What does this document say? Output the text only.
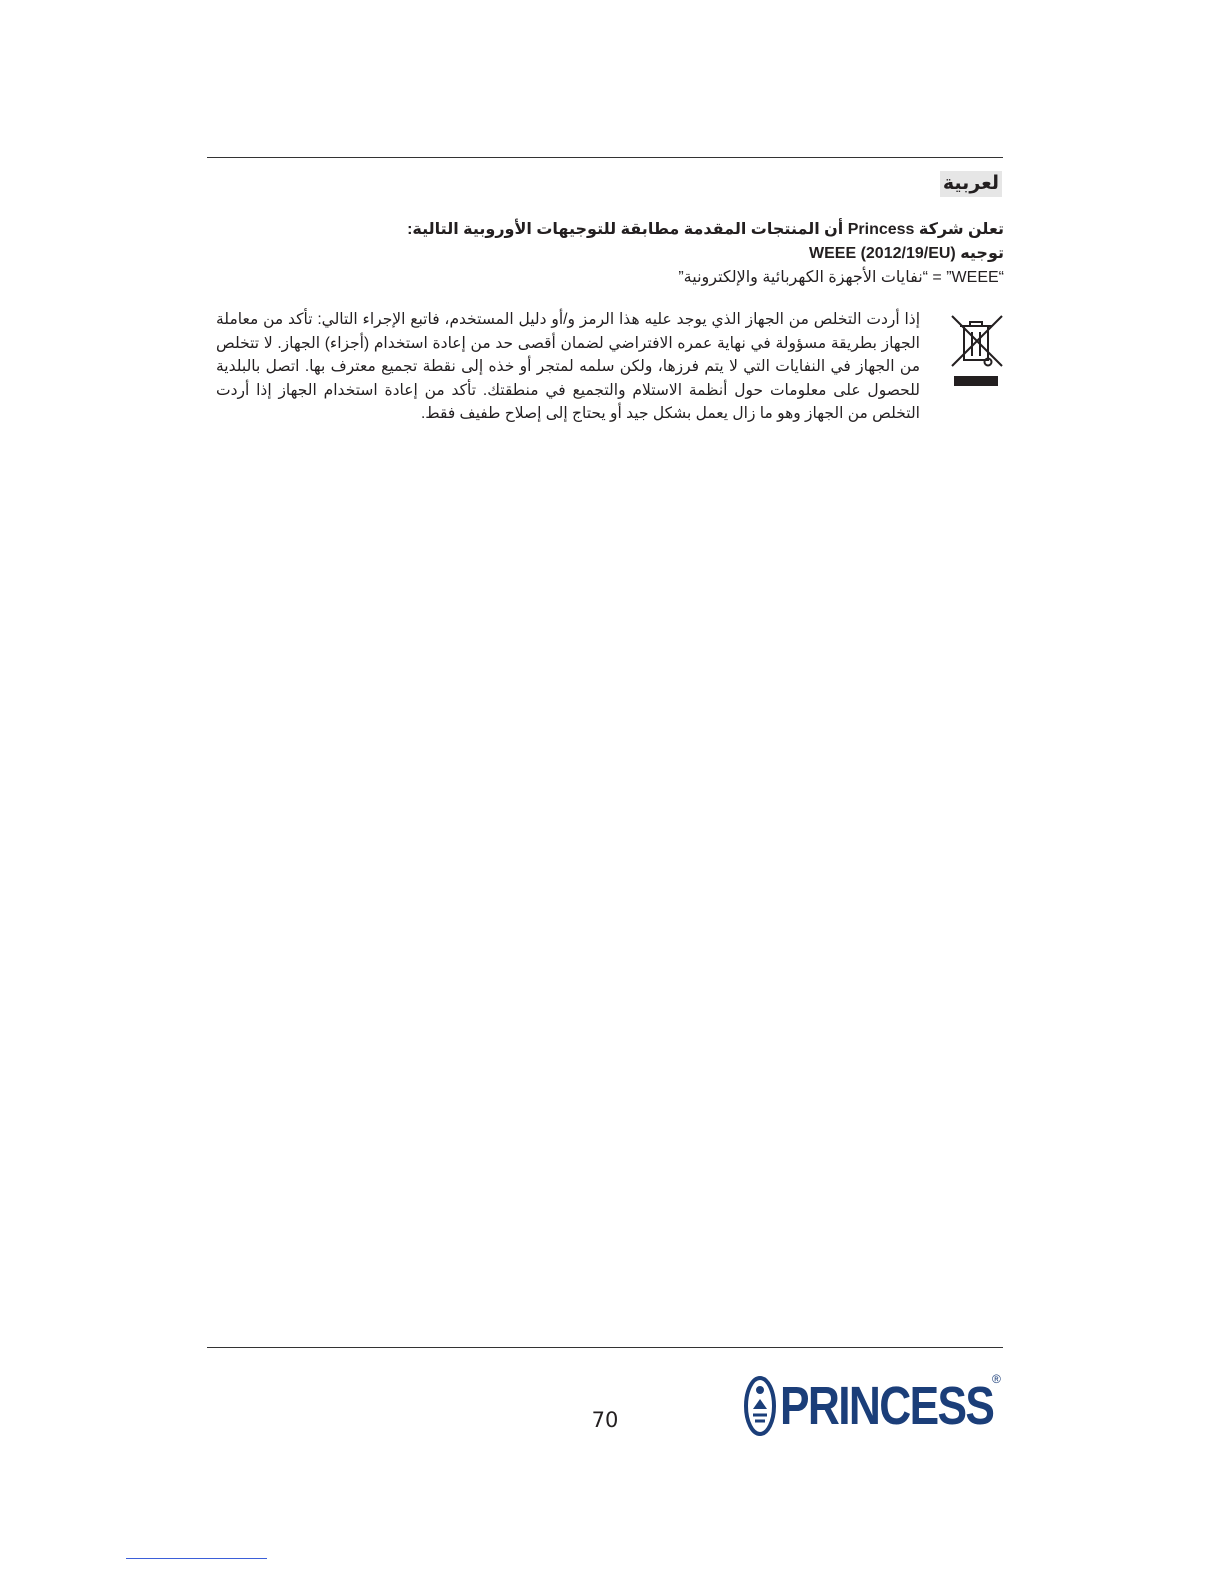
لعربية
تعلن شركة Princess أن المنتجات المقدمة مطابقة للتوجيهات الأوروبية التالية:
توجيه WEEE (2012/19/EU)
“WEEE” = “نفايات الأجهزة الكهربائية والإلكترونية”
إذا أردت التخلص من الجهاز الذي يوجد عليه هذا الرمز و/أو دليل المستخدم، فاتبع الإجراء التالي: تأكد من معاملة الجهاز بطريقة مسؤولة في نهاية عمره الافتراضي لضمان أقصى حد من إعادة استخدام (أجزاء) الجهاز. لا تتخلص من الجهاز في النفايات التي لا يتم فرزها، ولكن سلمه لمتجر أو خذه إلى نقطة تجميع معترف بها. اتصل بالبلدية للحصول على معلومات حول أنظمة الاستلام والتجميع في منطقتك. تأكد من إعادة استخدام الجهاز إذا أردت التخلص من الجهاز وهو ما زال يعمل بشكل جيد أو يحتاج إلى إصلاح طفيف فقط.
70	PRINCESS
®
